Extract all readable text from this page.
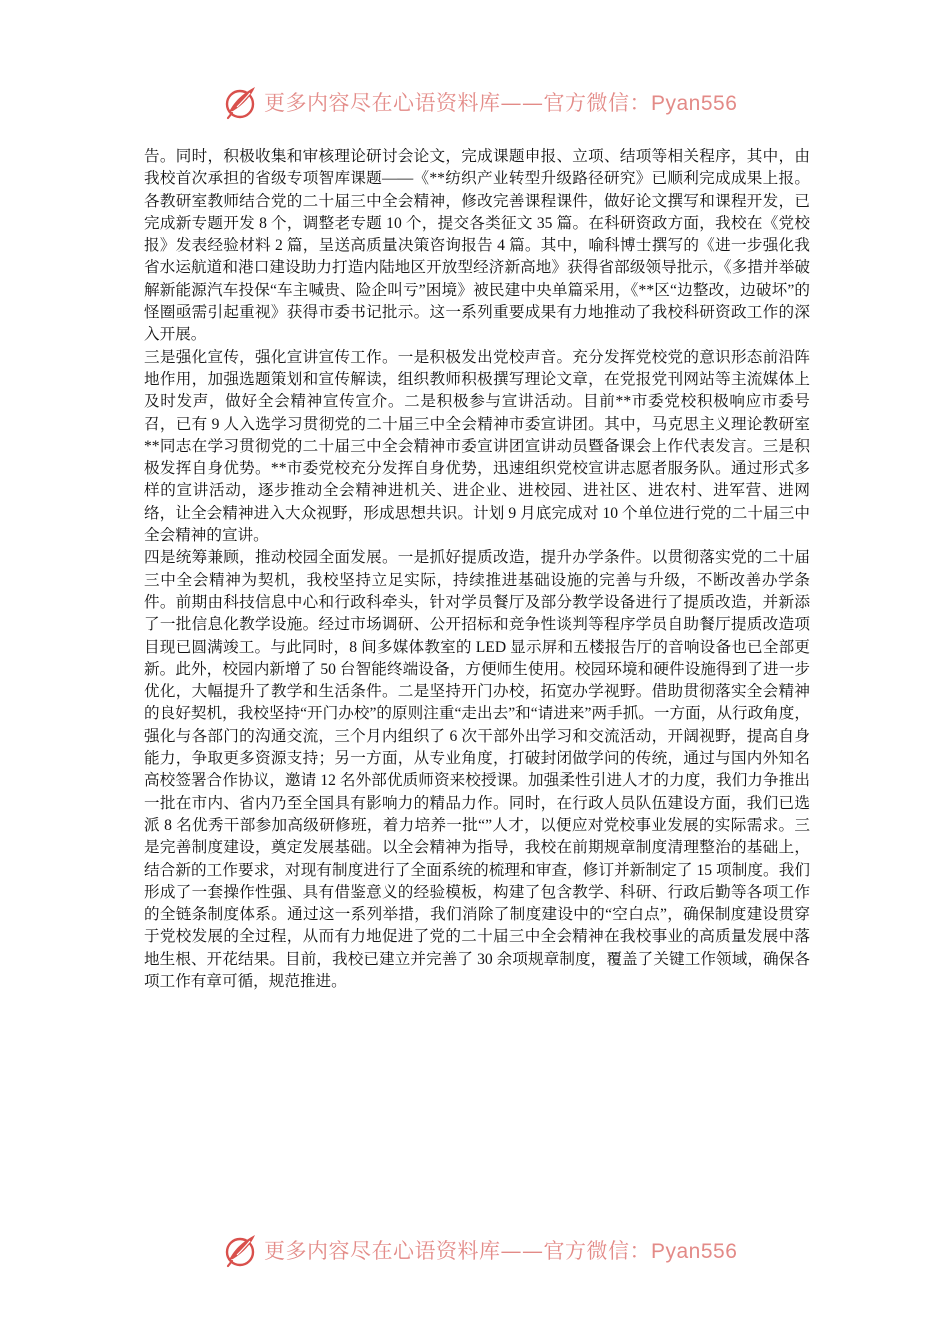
更多内容尽在心语资料库——官方微信：Pyan556

告。同时，积极收集和审核理论研讨会论文，完成课题申报、立项、结项等相关程序，其中，由我校首次承担的省级专项智库课题——《**纺织产业转型升级路径研究》已顺利完成成果上报。各教研室教师结合党的二十届三中全会精神，修改完善课程课件，做好论文撰写和课程开发，已完成新专题开发 8 个，调整老专题 10 个，提交各类征文 35 篇。在科研资政方面，我校在《党校报》发表经验材料 2 篇，呈送高质量决策咨询报告 4 篇。其中，喻科博士撰写的《进一步强化我省水运航道和港口建设助力打造内陆地区开放型经济新高地》获得省部级领导批示，《多措并举破解新能源汽车投保“车主喊贵、险企叫亏”困境》被民建中央单篇采用，《**区“边整改，边破坏”的怪圈亟需引起重视》获得市委书记批示。这一系列重要成果有力地推动了我校科研资政工作的深入开展。

三是强化宣传，强化宣讲宣传工作。一是积极发出党校声音。充分发挥党校党的意识形态前沿阵地作用，加强选题策划和宣传解读，组织教师积极撰写理论文章，在党报党刊网站等主流媒体上及时发声，做好全会精神宣传宣介。二是积极参与宣讲活动。目前**市委党校积极响应市委号召，已有 9 人入选学习贯彻党的二十届三中全会精神市委宣讲团。其中，马克思主义理论教研室**同志在学习贯彻党的二十届三中全会精神市委宣讲团宣讲动员暨备课会上作代表发言。三是积极发挥自身优势。**市委党校充分发挥自身优势，迅速组织党校宣讲志愿者服务队。通过形式多样的宣讲活动，逐步推动全会精神进机关、进企业、进校园、进社区、进农村、进军营、进网络，让全会精神进入大众视野，形成思想共识。计划 9 月底完成对 10 个单位进行党的二十届三中全会精神的宣讲。

四是统筹兼顾，推动校园全面发展。一是抓好提质改造，提升办学条件。以贯彻落实党的二十届三中全会精神为契机，我校坚持立足实际，持续推进基础设施的完善与升级，不断改善办学条件。前期由科技信息中心和行政科牵头，针对学员餐厅及部分教学设备进行了提质改造，并新添了一批信息化教学设施。经过市场调研、公开招标和竞争性谈判等程序学员自助餐厅提质改造项目现已圆满竣工。与此同时，8 间多媒体教室的 LED 显示屏和五楼报告厅的音响设备也已全部更新。此外，校园内新增了 50 台智能终端设备，方便师生使用。校园环境和硬件设施得到了进一步优化，大幅提升了教学和生活条件。二是坚持开门办校，拓宽办学视野。借助贯彻落实全会精神的良好契机，我校坚持“开门办校”的原则注重“走出去”和“请进来”两手抓。一方面，从行政角度，强化与各部门的沟通交流，三个月内组织了 6 次干部外出学习和交流活动，开阔视野，提高自身能力，争取更多资源支持；另一方面，从专业角度，打破封闭做学问的传统，通过与国内外知名高校签署合作协议，邀请 12 名外部优质师资来校授课。加强柔性引进人才的力度，我们力争推出一批在市内、省内乃至全国具有影响力的精品力作。同时，在行政人员队伍建设方面，我们已选派 8 名优秀干部参加高级研修班，着力培养一批“”人才，以便应对党校事业发展的实际需求。三是完善制度建设，奠定发展基础。以全会精神为指导，我校在前期规章制度清理整治的基础上，结合新的工作要求，对现有制度进行了全面系统的梳理和审查，修订并新制定了 15 项制度。我们形成了一套操作性强、具有借鉴意义的经验模板，构建了包含教学、科研、行政后勤等各项工作的全链条制度体系。通过这一系列举措，我们消除了制度建设中的“空白点”，确保制度建设贯穿于党校发展的全过程，从而有力地促进了党的二十届三中全会精神在我校事业的高质量发展中落地生根、开花结果。目前，我校已建立并完善了 30 余项规章制度，覆盖了关键工作领域，确保各项工作有章可循，规范推进。

更多内容尽在心语资料库——官方微信：Pyan556
